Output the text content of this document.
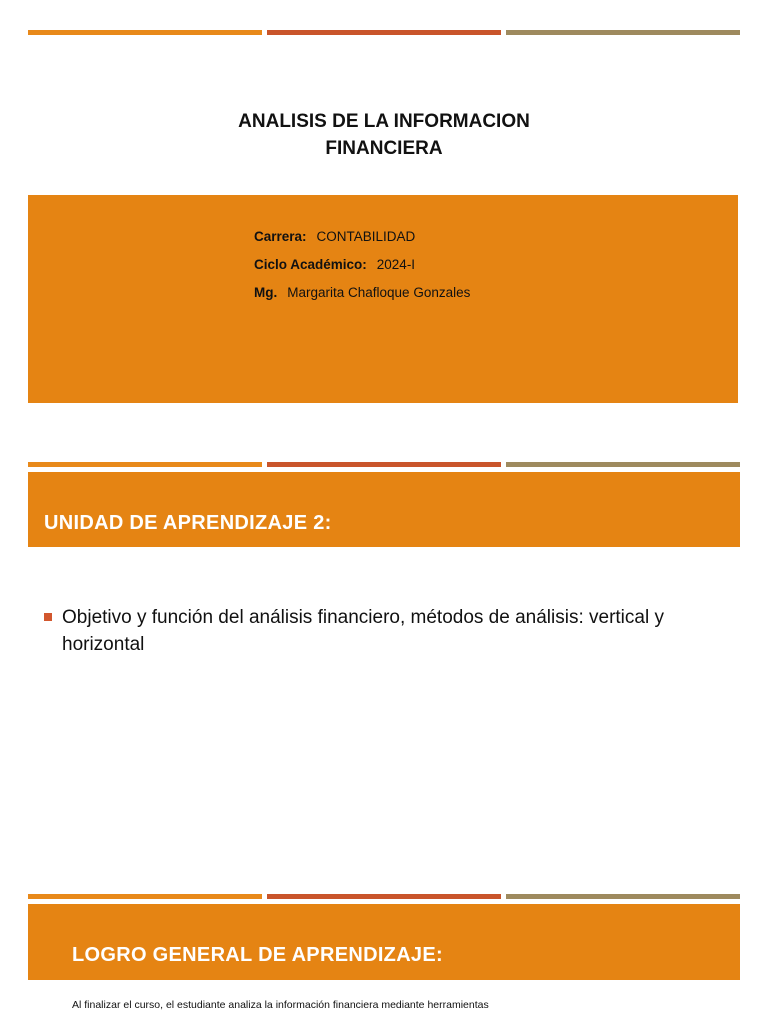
ANALISIS DE LA INFORMACION
FINANCIERA
Carrera: CONTABILIDAD
Ciclo Académico: 2024-I
Mg. Margarita Chafloque Gonzales
UNIDAD DE APRENDIZAJE 2:
Objetivo y función del análisis financiero, métodos de análisis: vertical y horizontal
LOGRO GENERAL DE APRENDIZAJE:
Al finalizar el curso, el estudiante analiza la información financiera mediante herramientas
